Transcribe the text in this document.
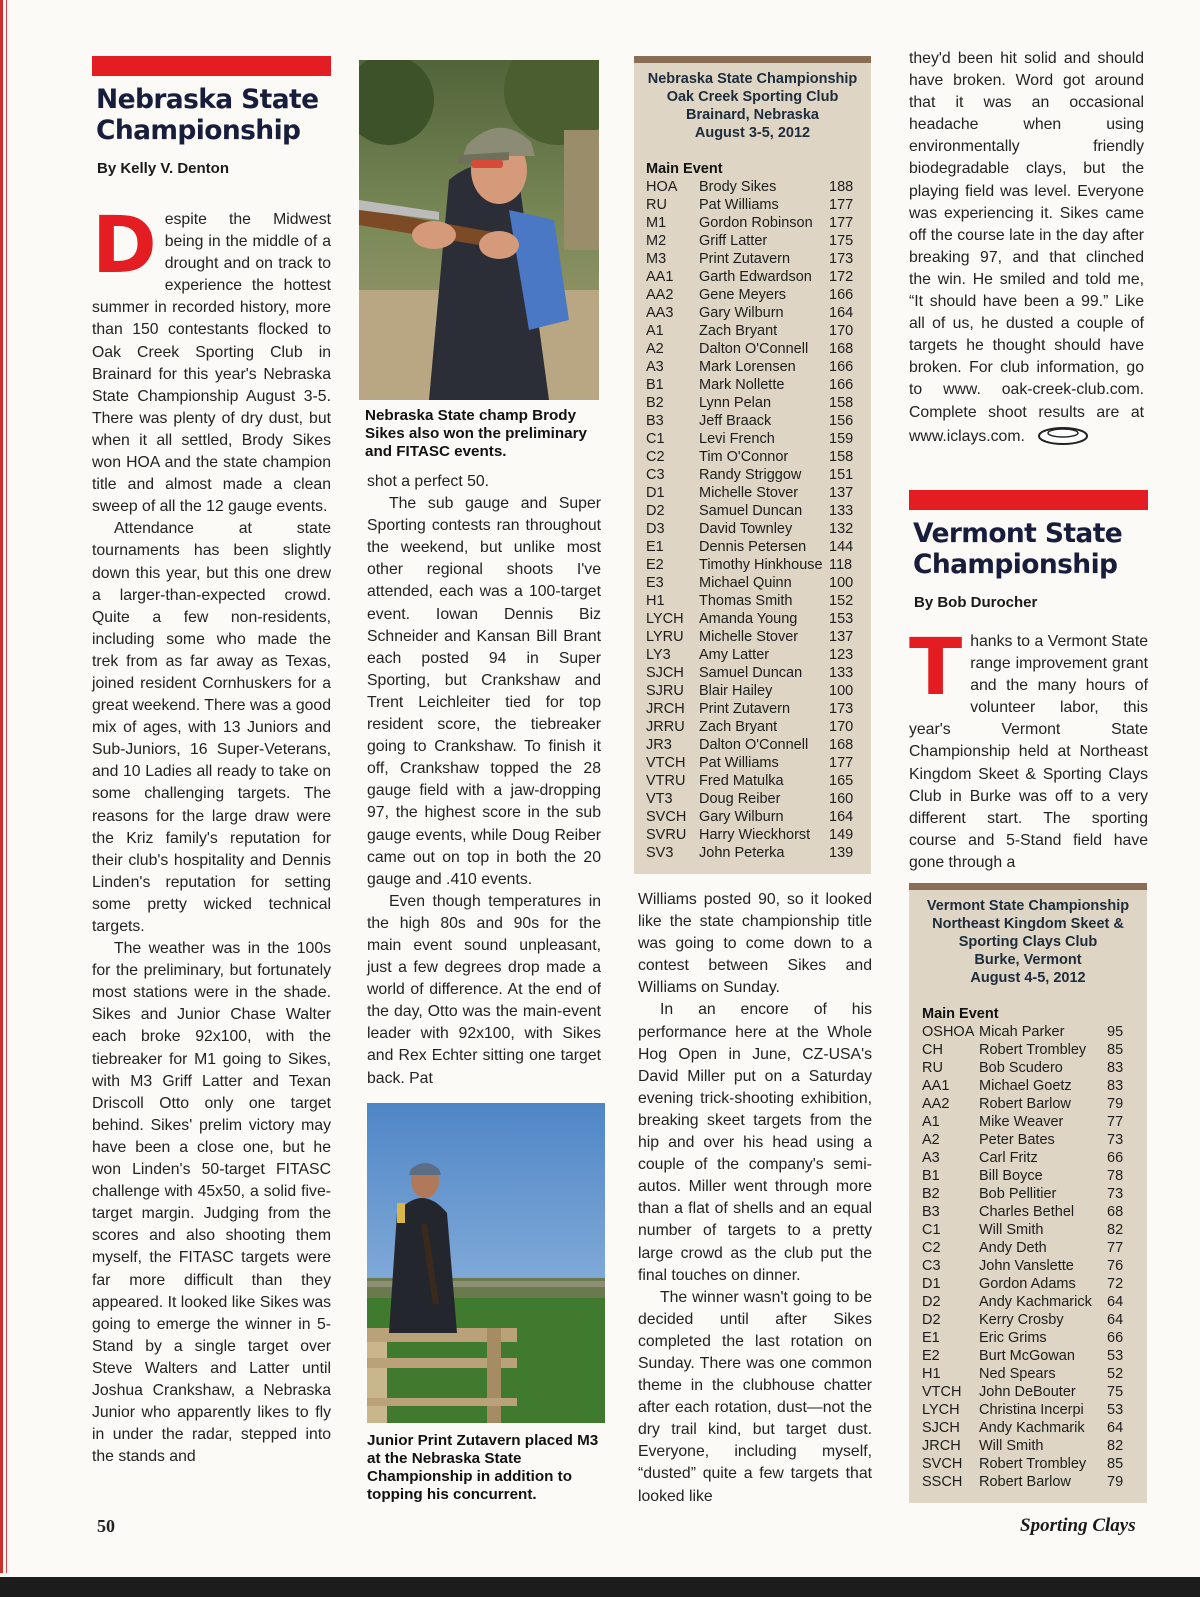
Nebraska State
Championship
By Kelly V. Denton

Despite the Midwest being in the middle of a drought and on track to experience the hottest summer in recorded history, more than 150 contestants flocked to Oak Creek Sporting Club in Brainard for this year's Nebraska State Championship August 3-5. There was plenty of dry dust, but when it all settled, Brody Sikes won HOA and the state champion title and almost made a clean sweep of all the 12 gauge events.

Attendance at state tournaments has been slightly down this year, but this one drew a larger-than-expected crowd. Quite a few non-residents, including some who made the trek from as far away as Texas, joined resident Cornhuskers for a great weekend. There was a good mix of ages, with 13 Juniors and Sub-Juniors, 16 Super-Veterans, and 10 Ladies all ready to take on some challenging targets. The reasons for the large draw were the Kriz family's reputation for their club's hospitality and Dennis Linden's reputation for setting some pretty wicked technical targets.

The weather was in the 100s for the preliminary, but fortunately most stations were in the shade. Sikes and Junior Chase Walter each broke 92x100, with the tiebreaker for M1 going to Sikes, with M3 Griff Latter and Texan Driscoll Otto only one target behind. Sikes' prelim victory may have been a close one, but he won Linden's 50-target FITASC challenge with 45x50, a solid five-target margin. Judging from the scores and also shooting them myself, the FITASC targets were far more difficult than they appeared. It looked like Sikes was going to emerge the winner in 5-Stand by a single target over Steve Walters and Latter until Joshua Crankshaw, a Nebraska Junior who apparently likes to fly in under the radar, stepped into the stands and

Nebraska State champ Brody Sikes also won the preliminary and FITASC events.

shot a perfect 50.

The sub gauge and Super Sporting contests ran throughout the weekend, but unlike most other regional shoots I've attended, each was a 100-target event. Iowan Dennis Biz Schneider and Kansan Bill Brant each posted 94 in Super Sporting, but Crankshaw and Trent Leichleiter tied for top resident score, the tiebreaker going to Crankshaw. To finish it off, Crankshaw topped the 28 gauge field with a jaw-dropping 97, the highest score in the sub gauge events, while Doug Reiber came out on top in both the 20 gauge and .410 events.

Even though temperatures in the high 80s and 90s for the main event sound unpleasant, just a few degrees drop made a world of difference. At the end of the day, Otto was the main-event leader with 92x100, with Sikes and Rex Echter sitting one target back. Pat

Junior Print Zutavern placed M3 at the Nebraska State Championship in addition to topping his concurrent.
Nebraska State Championship
Oak Creek Sporting Club
Brainard, Nebraska
August 3-5, 2012
Main Event
HOA	Brody Sikes	188
RU	Pat Williams	177
M1	Gordon Robinson	177
M2	Griff Latter	175
M3	Print Zutavern	173
AA1	Garth Edwardson	172
AA2	Gene Meyers	166
AA3	Gary Wilburn	164
A1	Zach Bryant	170
A2	Dalton O'Connell	168
A3	Mark Lorensen	166
B1	Mark Nollette	166
B2	Lynn Pelan	158
B3	Jeff Braack	156
C1	Levi French	159
C2	Tim O'Connor	158
C3	Randy Striggow	151
D1	Michelle Stover	137
D2	Samuel Duncan	133
D3	David Townley	132
E1	Dennis Petersen	144
E2	Timothy Hinkhouse	118
E3	Michael Quinn	100
H1	Thomas Smith	152
LYCH	Amanda Young	153
LYRU	Michelle Stover	137
LY3	Amy Latter	123
SJCH	Samuel Duncan	133
SJRU	Blair Hailey	100
JRCH	Print Zutavern	173
JRRU	Zach Bryant	170
JR3	Dalton O'Connell	168
VTCH	Pat Williams	177
VTRU	Fred Matulka	165
VT3	Doug Reiber	160
SVCH	Gary Wilburn	164
SVRU	Harry Wieckhorst	149
SV3	John Peterka	139

Williams posted 90, so it looked like the state championship title was going to come down to a contest between Sikes and Williams on Sunday.

In an encore of his performance here at the Whole Hog Open in June, CZ-USA's David Miller put on a Saturday evening trick-shooting exhibition, breaking skeet targets from the hip and over his head using a couple of the company's semi-autos. Miller went through more than a flat of shells and an equal number of targets to a pretty large crowd as the club put the final touches on dinner.

The winner wasn't going to be decided until after Sikes completed the last rotation on Sunday. There was one common theme in the clubhouse chatter after each rotation, dust—not the dry trail kind, but target dust. Everyone, including myself, “dusted” quite a few targets that looked like

they'd been hit solid and should have broken. Word got around that it was an occasional headache when using environmentally friendly biodegradable clays, but the playing field was level. Everyone was experiencing it. Sikes came off the course late in the day after breaking 97, and that clinched the win. He smiled and told me, “It should have been a 99.” Like all of us, he dusted a couple of targets he thought should have broken. For club information, go to www. oak-creek-club.com. Complete shoot results are at www.iclays.com.

Vermont State
Championship
By Bob Durocher

Thanks to a Vermont State range improvement grant and the many hours of volunteer labor, this year's Vermont State Championship held at Northeast Kingdom Skeet & Sporting Clays Club in Burke was off to a very different start. The sporting course and 5-Stand field have gone through a

Vermont State Championship
Northeast Kingdom Skeet &
Sporting Clays Club
Burke, Vermont
August 4-5, 2012
Main Event
OSHOA	Micah Parker	95
CH	Robert Trombley	85
RU	Bob Scudero	83
AA1	Michael Goetz	83
AA2	Robert Barlow	79
A1	Mike Weaver	77
A2	Peter Bates	73
A3	Carl Fritz	66
B1	Bill Boyce	78
B2	Bob Pellitier	73
B3	Charles Bethel	68
C1	Will Smith	82
C2	Andy Deth	77
C3	John Vanslette	76
D1	Gordon Adams	72
D2	Andy Kachmarick	64
D2	Kerry Crosby	64
E1	Eric Grims	66
E2	Burt McGowan	53
H1	Ned Spears	52
VTCH	John DeBouter	75
LYCH	Christina Incerpi	53
SJCH	Andy Kachmarik	64
JRCH	Will Smith	82
SVCH	Robert Trombley	85
SSCH	Robert Barlow	79
50	Sporting Clays
